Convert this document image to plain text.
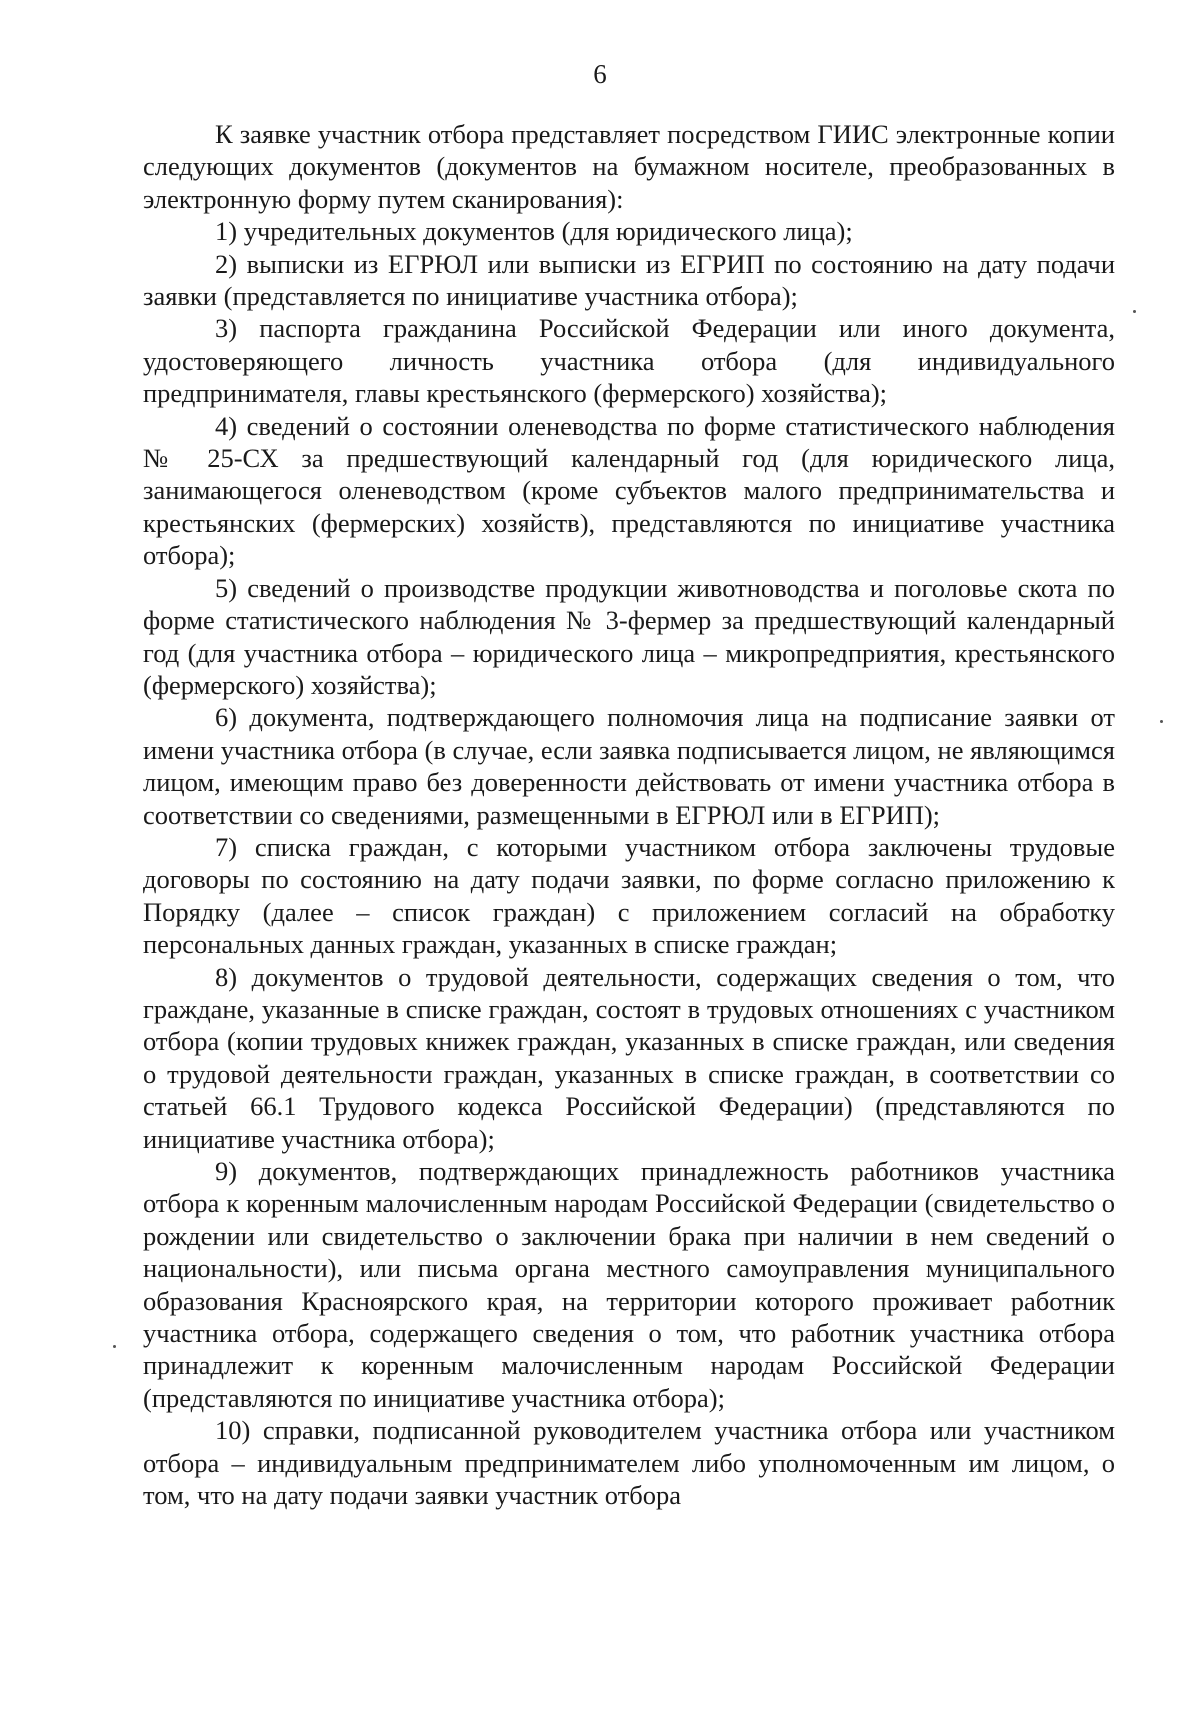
6

К заявке участник отбора представляет посредством ГИИС электронные копии следующих документов (документов на бумажном носителе, преобразованных в электронную форму путем сканирования):

1) учредительных документов (для юридического лица);

2) выписки из ЕГРЮЛ или выписки из ЕГРИП по состоянию на дату подачи заявки (представляется по инициативе участника отбора);

3) паспорта гражданина Российской Федерации или иного документа, удостоверяющего личность участника отбора (для индивидуального предпринимателя, главы крестьянского (фермерского) хозяйства);

4) сведений о состоянии оленеводства по форме статистического наблюдения № 25-СХ за предшествующий календарный год (для юридического лица, занимающегося оленеводством (кроме субъектов малого предпринимательства и крестьянских (фермерских) хозяйств), представляются по инициативе участника отбора);

5) сведений о производстве продукции животноводства и поголовье скота по форме статистического наблюдения № 3-фермер за предшествующий календарный год (для участника отбора – юридического лица – микропредприятия, крестьянского (фермерского) хозяйства);

6) документа, подтверждающего полномочия лица на подписание заявки от имени участника отбора (в случае, если заявка подписывается лицом, не являющимся лицом, имеющим право без доверенности действовать от имени участника отбора в соответствии со сведениями, размещенными в ЕГРЮЛ или в ЕГРИП);

7) списка граждан, с которыми участником отбора заключены трудовые договоры по состоянию на дату подачи заявки, по форме согласно приложению к Порядку (далее – список граждан) с приложением согласий на обработку персональных данных граждан, указанных в списке граждан;

8) документов о трудовой деятельности, содержащих сведения о том, что граждане, указанные в списке граждан, состоят в трудовых отношениях с участником отбора (копии трудовых книжек граждан, указанных в списке граждан, или сведения о трудовой деятельности граждан, указанных в списке граждан, в соответствии со статьей 66.1 Трудового кодекса Российской Федерации) (представляются по инициативе участника отбора);

9) документов, подтверждающих принадлежность работников участника отбора к коренным малочисленным народам Российской Федерации (свидетельство о рождении или свидетельство о заключении брака при наличии в нем сведений о национальности), или письма органа местного самоуправления муниципального образования Красноярского края, на территории которого проживает работник участника отбора, содержащего сведения о том, что работник участника отбора принадлежит к коренным малочисленным народам Российской Федерации (представляются по инициативе участника отбора);

10) справки, подписанной руководителем участника отбора или участником отбора – индивидуальным предпринимателем либо уполномоченным им лицом, о том, что на дату подачи заявки участник отбора
